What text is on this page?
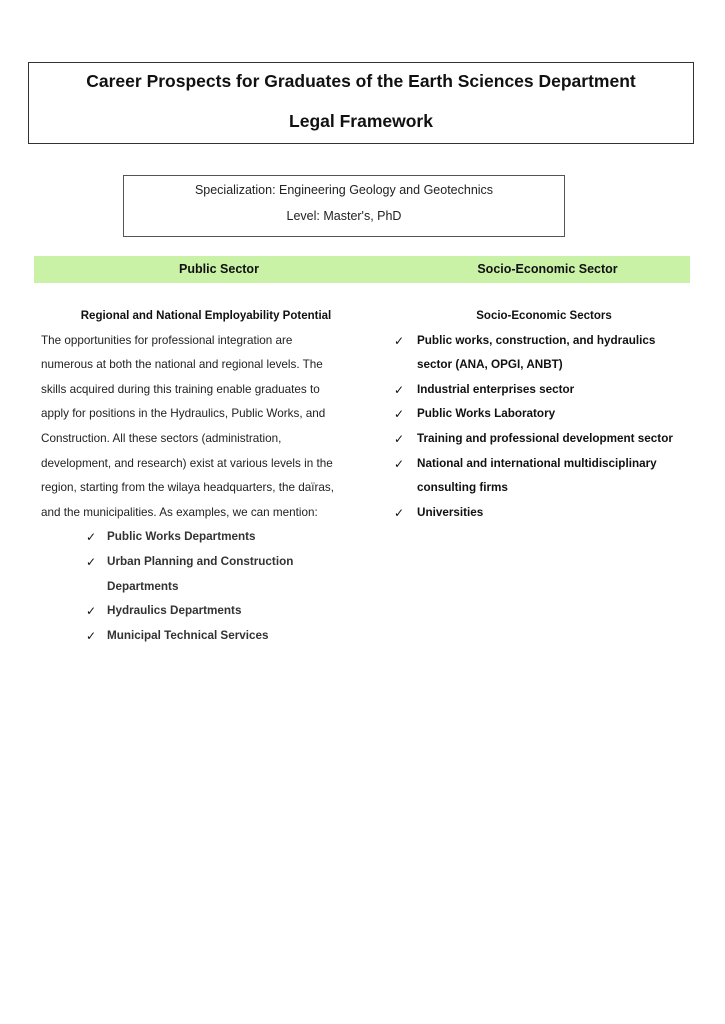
Career Prospects for Graduates of the Earth Sciences Department
Legal Framework
Specialization: Engineering Geology and Geotechnics
Level: Master's, PhD
Public Sector	Socio-Economic Sector
Regional and National Employability Potential

The opportunities for professional integration are
numerous at both the national and regional levels. The
skills acquired during this training enable graduates to
apply for positions in the Hydraulics, Public Works, and
Construction. All these sectors (administration,
development, and research) exist at various levels in the
region, starting from the wilaya headquarters, the daïras,
and the municipalities. As examples, we can mention:

✓ Public Works Departments
✓ Urban Planning and Construction
Departments
✓ Hydraulics Departments
✓ Municipal Technical Services
Socio-Economic Sectors
✓ Public works, construction, and hydraulics
sector (ANA, OPGI, ANBT)
✓ Industrial enterprises sector
✓ Public Works Laboratory
✓ Training and professional development sector
✓ National and international multidisciplinary
consulting firms
✓ Universities
